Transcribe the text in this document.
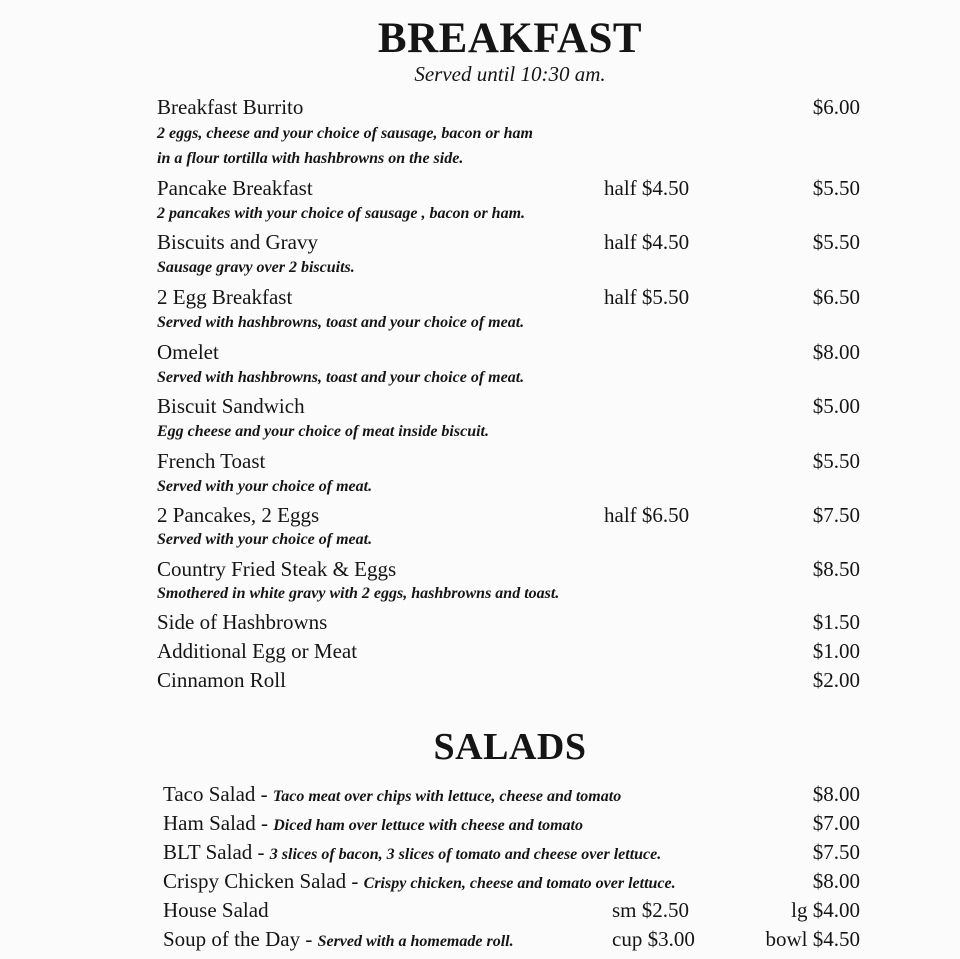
BREAKFAST
Served until 10:30 am.
Breakfast Burrito	$6.00
2 eggs, cheese and your choice of sausage, bacon or ham
in a flour tortilla with hashbrowns on the side.
Pancake Breakfast	half $4.50	$5.50
2 pancakes with your choice of sausage , bacon or ham.
Biscuits and Gravy	half $4.50	$5.50
Sausage gravy over 2 biscuits.
2 Egg Breakfast	half $5.50	$6.50
Served with hashbrowns, toast and your choice of meat.
Omelet	$8.00
Served with hashbrowns, toast and your choice of meat.
Biscuit Sandwich	$5.00
Egg cheese and your choice of meat inside biscuit.
French Toast	$5.50
Served with your choice of meat.
2 Pancakes, 2 Eggs	half $6.50	$7.50
Served with your choice of meat.
Country Fried Steak & Eggs	$8.50
Smothered in white gravy with 2 eggs, hashbrowns and toast.
Side of Hashbrowns	$1.50
Additional Egg or Meat	$1.00
Cinnamon Roll	$2.00
SALADS
Taco Salad - Taco meat over chips with lettuce, cheese and tomato	$8.00
Ham Salad - Diced ham over lettuce with cheese and tomato	$7.00
BLT Salad - 3 slices of bacon, 3 slices of tomato and cheese over lettuce.	$7.50
Crispy Chicken Salad - Crispy chicken, cheese and tomato over lettuce.	$8.00
House Salad	sm $2.50	lg $4.00
Soup of the Day - Served with a homemade roll.	cup $3.00	bowl $4.50
